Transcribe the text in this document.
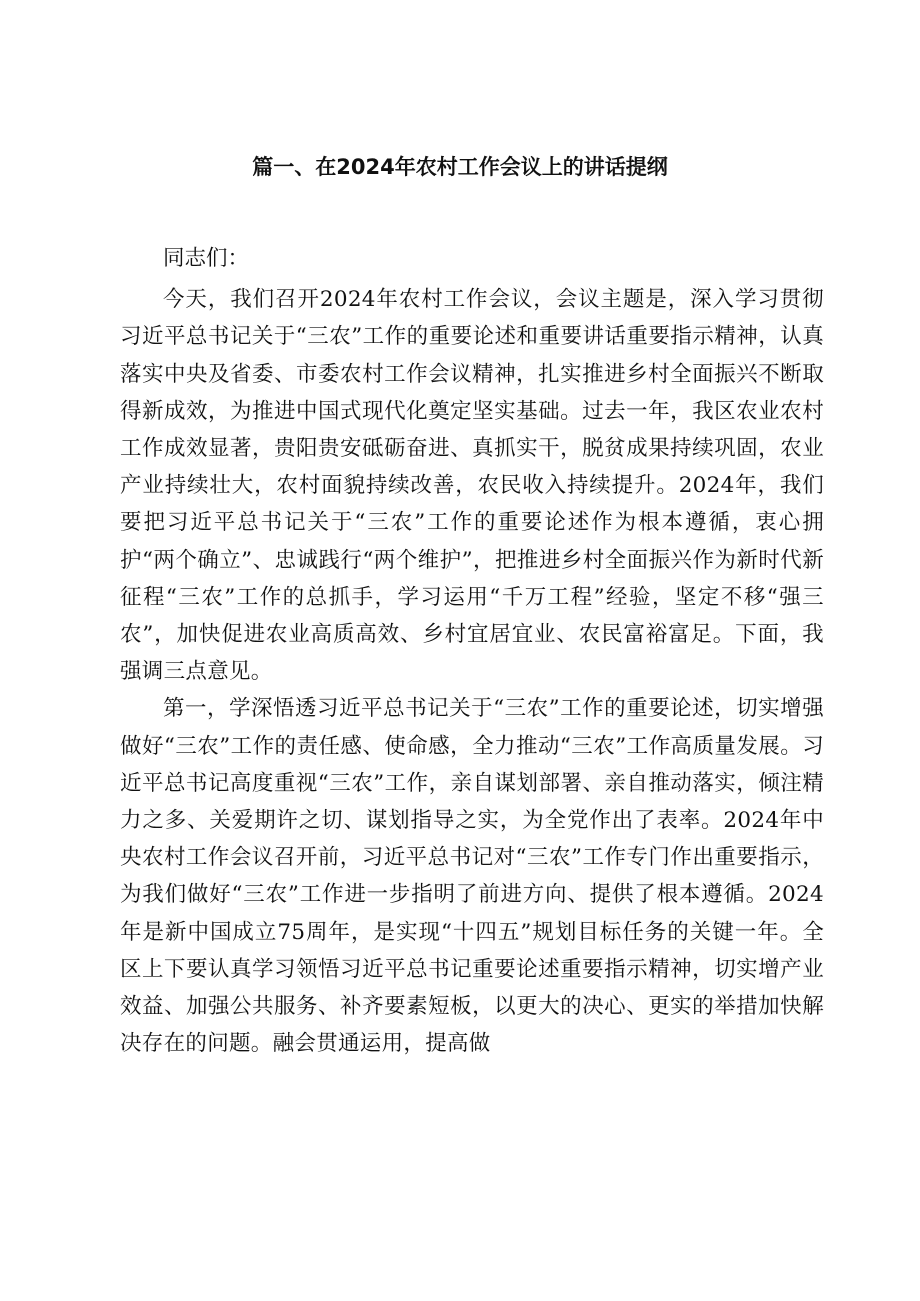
篇一、在2024年农村工作会议上的讲话提纲

同志们：

今天，我们召开2024年农村工作会议，会议主题是，深入学习贯彻习近平总书记关于“三农”工作的重要论述和重要讲话重要指示精神，认真落实中央及省委、市委农村工作会议精神，扎实推进乡村全面振兴不断取得新成效，为推进中国式现代化奠定坚实基础。过去一年，我区农业农村工作成效显著，贵阳贵安砥砺奋进、真抓实干，脱贫成果持续巩固，农业产业持续壮大，农村面貌持续改善，农民收入持续提升。2024年，我们要把习近平总书记关于“三农”工作的重要论述作为根本遵循，衷心拥护“两个确立”、忠诚践行“两个维护”，把推进乡村全面振兴作为新时代新征程“三农”工作的总抓手，学习运用“千万工程”经验，坚定不移“强三农”，加快促进农业高质高效、乡村宜居宜业、农民富裕富足。下面，我强调三点意见。

第一，学深悟透习近平总书记关于“三农”工作的重要论述，切实增强做好“三农”工作的责任感、使命感，全力推动“三农”工作高质量发展。习近平总书记高度重视“三农”工作，亲自谋划部署、亲自推动落实，倾注精力之多、关爱期许之切、谋划指导之实，为全党作出了表率。2024年中央农村工作会议召开前，习近平总书记对“三农”工作专门作出重要指示，为我们做好“三农”工作进一步指明了前进方向、提供了根本遵循。2024年是新中国成立75周年，是实现“十四五”规划目标任务的关键一年。全区上下要认真学习领悟习近平总书记重要论述重要指示精神，切实增产业效益、加强公共服务、补齐要素短板，以更大的决心、更实的举措加快解决存在的问题。融会贯通运用，提高做
